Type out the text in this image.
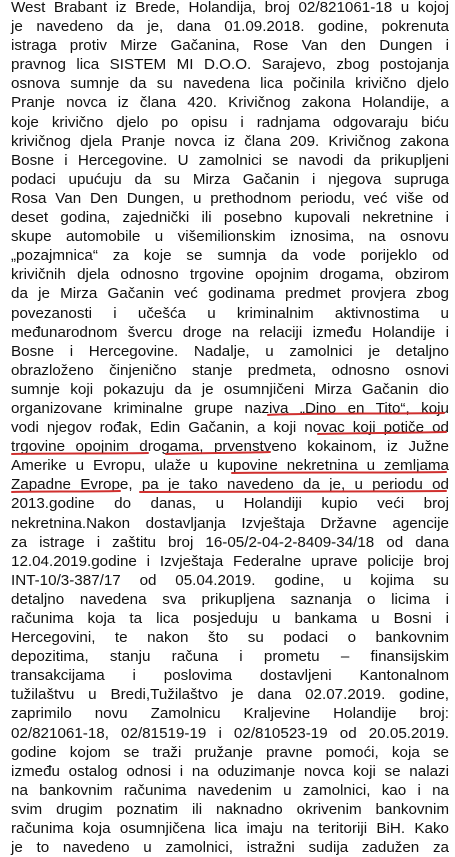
West Brabant iz Brede, Holandija, broj 02/821061-18 u kojoj
je navedeno da je, dana 01.09.2018. godine, pokrenuta
istraga protiv Mirze Gačanina, Rose Van den Dungen i
pravnog lica SISTEM MI D.O.O. Sarajevo, zbog postojanja
osnova sumnje da su navedena lica počinila krivično djelo
Pranje novca iz člana 420. Krivičnog zakona Holandije, a
koje krivično djelo po opisu i radnjama odgovaraju biću
krivičnog djela Pranje novca iz člana 209. Krivičnog zakona
Bosne i Hercegovine. U zamolnici se navodi da prikupljeni
podaci upućuju da su Mirza Gačanin i njegova supruga
Rosa Van Den Dungen, u prethodnom periodu, već više od
deset godina, zajednički ili posebno kupovali nekretnine i
skupe automobile u višemilionskim iznosima, na osnovu
„pozajmnica“ za koje se sumnja da vode porijeklo od
krivičnih djela odnosno trgovine opojnim drogama, obzirom
da je Mirza Gačanin već godinama predmet provjera zbog
povezanosti i učešća u kriminalnim aktivnostima u
međunarodnom švercu droge na relaciji između Holandije i
Bosne i Hercegovine. Nadalje, u zamolnici je detaljno
obrazloženo činjenično stanje predmeta, odnosno osnovi
sumnje koji pokazuju da je osumnjičeni Mirza Gačanin dio
organizovane kriminalne grupe naziva „Dino en Tito“, koju
vodi njegov rođak, Edin Gačanin, a koji novac koji potiče od
trgovine opojnim drogama, prvenstveno kokainom, iz Južne
Amerike u Evropu, ulaže u kupovine nekretnina u zemljama
Zapadne Evrope, pa je tako navedeno da je, u periodu od
2013.godine do danas, u Holandiji kupio veći broj
nekretnina.Nakon dostavljanja Izvještaja Državne agencije
za istrage i zaštitu broj 16-05/2-04-2-8409-34/18 od dana
12.04.2019.godine i Izvještaja Federalne uprave policije broj
INT-10/3-387/17 od 05.04.2019. godine, u kojima su
detaljno navedena sva prikupljena saznanja o licima i
računima koja ta lica posjeduju u bankama u Bosni i
Hercegovini, te nakon što su podaci o bankovnim
depozitima, stanju računa i prometu – finansijskim
transakcijama i poslovima dostavljeni Kantonalnom
tužilaštvu u Bredi,Tužilaštvo je dana 02.07.2019. godine,
zaprimilo novu Zamolnicu Kraljevine Holandije broj:
02/821061-18, 02/81519-19 i 02/810523-19 od 20.05.2019.
godine kojom se traži pružanje pravne pomoći, koja se
između ostalog odnosi i na oduzimanje novca koji se nalazi
na bankovnim računima navedenim u zamolnici, kao i na
svim drugim poznatim ili naknadno okrivenim bankovnim
računima koja osumnjičena lica imaju na teritoriji BiH. Kako
je to navedeno u zamolnici, istražni sudija zadužen za
